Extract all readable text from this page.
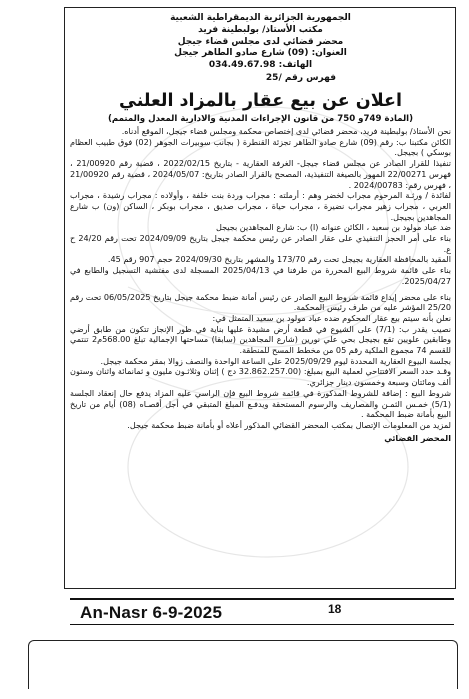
الجمهورية الجزائرية الديمقراطية الشعبية
مكتب الأستاذ/ بولبطينة فريد
محضر قضائي لدى مجلس قضاء جيجل
العنوان: (09) شارع صادو الطاهر جيجل
الهاتف: 034.49.67.98
فهرس رقم /25
اعلان عن بيع عقار بالمزاد العلني
(المادة 749و 750 من قانون الإجراءات المدنية والادارية المعدل والمتمم)

نحن الأستاذ/ بولبطينة فريد، محضر قضائي لدى إختصاص محكمة ومجلس قضاء جيجل، الموقع أدناه.

الكائن مكتبنا ب: رقم (09) شارع صادو الطاهر تجزئة القنطرة ( بجانب سوبيرات الجوهر (02) فوق طبيب العظام بوسكي ) بجيجل.

تنفيذا للقرار الصادر عن مجلس قضاء جيجل- الغرفة العقارية - بتاريخ 2022/02/15 ، قضية رقم 21/00920 ، فهرس 22/00271 المهور بالصيغة التنفيذية، المصحح بالقرار الصادر بتاريخ: 2024/05/07 ، قضية رقم 21/00920 ، فهرس رقم: 2024/00783 .

لفائدة / ورثـة المرحوم مجراب لخضر وهم : أرملته : مجراب وردة بنت خلفة ، وأولاده : مجراب رشيدة ، مجراب العربي ، مجراب زهير مجراب نضيرة ، مجراب حياة ، مجراب صديق ، مجراب بوبكر ، الساكن (ون) ب شارع المجاهدين بجيجل.

ضد عباد مولود بن سعيد ، الكائن عنوانه (ا) ب: شارع المجاهدين بجيجل

بناء على أمر الحجز التنفيذي على عقار الصادر عن رئيس محكمة جيجل بتاريخ 2024/09/09 تحت رقم 24/20 ح ع.

المقيد بالمحافظة العقارية بجيجل تحت رقم 173/70 والمشهر بتاريخ 2024/09/30 حجم 907 رقم 45.

بناء على قائمة شروط البيع المحررة من طرفنا في 2025/04/13 المسجلة لدى مفتشية التسجيل والطابع في 2025/04/27.

بناء على محضر إيداع قائمة شروط البيع الصادر عن رئيس أمانة ضبط محكمة جيجل بتاريخ 06/05/2025 تحت رقم 25/20 المؤشر عليه من طرف رئيس المحكمة.

نعلن بأنه سيتم بيع عقار المحكوم ضده عباد مولود بن سعيد المتمثل في:

نصيب يقدر ب: (7/1) على الشيوع في قطعة أرض مشيدة عليها بناية في طور الإنجاز تتكون من طابق أرضي وطابقين علويين تقع بجيجل بحي علي نورين (شارع المجاهدين (سابقا) مساحتها الإجمالية تبلغ 568.00م2 تنتمي للقسم 74 مجموع الملكية رقم 05 من مخطط المسح للمنطقة.

بجلسة البيوع العقارية المحددة ليوم 2025/09/29 على الساعة الواحدة والنصف زوالا بمقر محكمة جيجل.

وقـد حدد السعر الافتتاحي لعملية البيع بمبلغ: (32.862.257.00 دج ) إثنان وثلاثـون مليون و ثمانمائة واثنان وستون ألف ومائتان وسبعة وخمسون دينار جزائري.

شروط البيع : إضافة للشروط المذكورة في قائمة شروط البيع فإن الراسي عليه المزاد يدفع حال إنعقاد الجلسة (5/1) خمـس الثمـن والمصاريف والرسوم المستحقة ويدفـع المبلغ المتبقي في أجل أقصـاه (08) أيام من تاريخ البيع بأمانة ضبط المحكمة .

لمزيد من المعلومات الإتصال بمكتب المحضر القضائي المذكور أعلاه أو بأمانة ضبط محكمة جيجل.

المحضر القضائي
An-Nasr 6-9-2025	18
